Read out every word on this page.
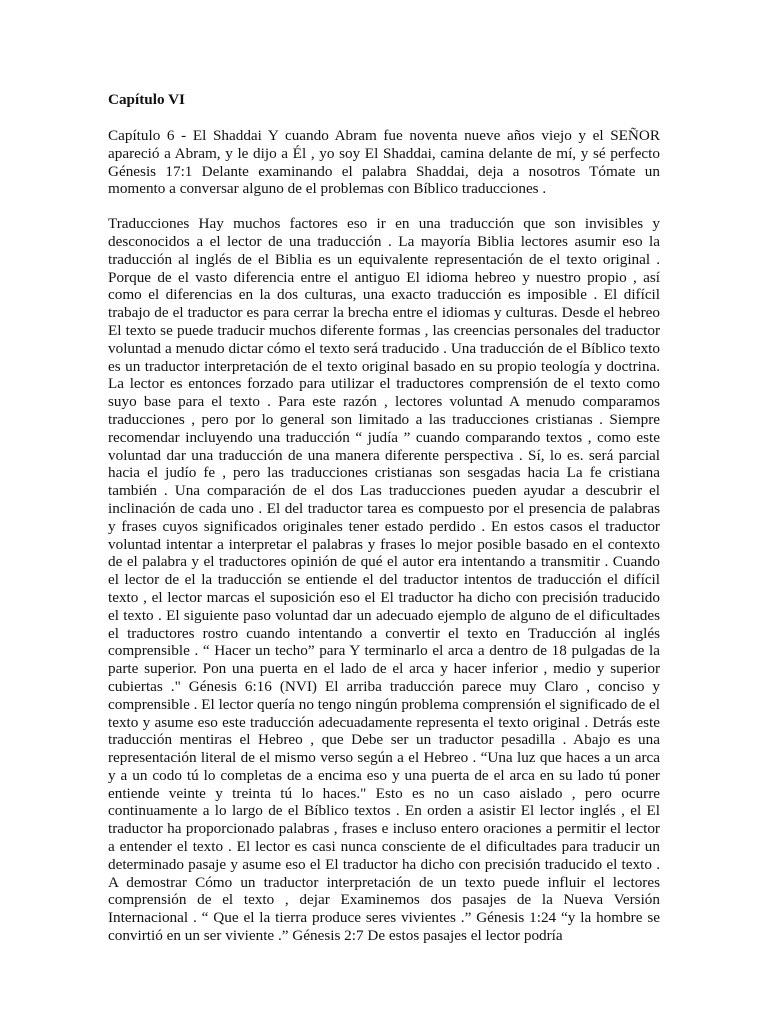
Capítulo VI

Capítulo 6 - El Shaddai Y cuando Abram fue noventa nueve años viejo y el SEÑOR apareció a Abram, y le dijo a Él , yo soy El Shaddai, camina delante de mí, y sé perfecto Génesis 17:1 Delante examinando el palabra Shaddai, deja a nosotros Tómate un momento a conversar alguno de el problemas con Bíblico traducciones .

Traducciones Hay muchos factores eso ir en una traducción que son invisibles y desconocidos a el lector de una traducción . La mayoría Biblia lectores asumir eso la traducción al inglés de el Biblia es un equivalente representación de el texto original . Porque de el vasto diferencia entre el antiguo El idioma hebreo y nuestro propio , así como el diferencias en la dos culturas, una exacto traducción es imposible . El difícil trabajo de el traductor es para cerrar la brecha entre el idiomas y culturas. Desde el hebreo El texto se puede traducir muchos diferente formas , las creencias personales del traductor voluntad a menudo dictar cómo el texto será traducido . Una traducción de el Bíblico texto es un traductor interpretación de el texto original basado en su propio teología y doctrina. La lector es entonces forzado para utilizar el traductores comprensión de el texto como suyo base para el texto . Para este razón , lectores voluntad A menudo comparamos traducciones , pero por lo general son limitado a las traducciones cristianas . Siempre recomendar incluyendo una traducción “ judía ” cuando comparando textos , como este voluntad dar una traducción de una manera diferente perspectiva . Sí, lo es. será parcial hacia el judío fe , pero las traducciones cristianas son sesgadas hacia La fe cristiana también . Una comparación de el dos Las traducciones pueden ayudar a descubrir el inclinación de cada uno . El del traductor tarea es compuesto por el presencia de palabras y frases cuyos significados originales tener estado perdido . En estos casos el traductor voluntad intentar a interpretar el palabras y frases lo mejor posible basado en el contexto de el palabra y el traductores opinión de qué el autor era intentando a transmitir . Cuando el lector de el la traducción se entiende el del traductor intentos de traducción el difícil texto , el lector marcas el suposición eso el El traductor ha dicho con precisión traducido el texto . El siguiente paso voluntad dar un adecuado ejemplo de alguno de el dificultades el traductores rostro cuando intentando a convertir el texto en Traducción al inglés comprensible . “ Hacer un techo” para Y terminarlo el arca a dentro de 18 pulgadas de la parte superior. Pon una puerta en el lado de el arca y hacer inferior , medio y superior cubiertas ." Génesis 6:16 (NVI) El arriba traducción parece muy Claro , conciso y comprensible . El lector quería no tengo ningún problema comprensión el significado de el texto y asume eso este traducción adecuadamente representa el texto original . Detrás este traducción mentiras el Hebreo , que Debe ser un traductor pesadilla . Abajo es una representación literal de el mismo verso según a el Hebreo . “Una luz que haces a un arca y a un codo tú lo completas de a encima eso y una puerta de el arca en su lado tú poner entiende veinte y treinta tú lo haces." Esto es no un caso aislado , pero ocurre continuamente a lo largo de el Bíblico textos . En orden a asistir El lector inglés , el El traductor ha proporcionado palabras , frases e incluso entero oraciones a permitir el lector a entender el texto . El lector es casi nunca consciente de el dificultades para traducir un determinado pasaje y asume eso el El traductor ha dicho con precisión traducido el texto . A demostrar Cómo un traductor interpretación de un texto puede influir el lectores comprensión de el texto , dejar Examinemos dos pasajes de la Nueva Versión Internacional . “ Que el la tierra produce seres vivientes .” Génesis 1:24 “y la hombre se convirtió en un ser viviente .” Génesis 2:7 De estos pasajes el lector podría
